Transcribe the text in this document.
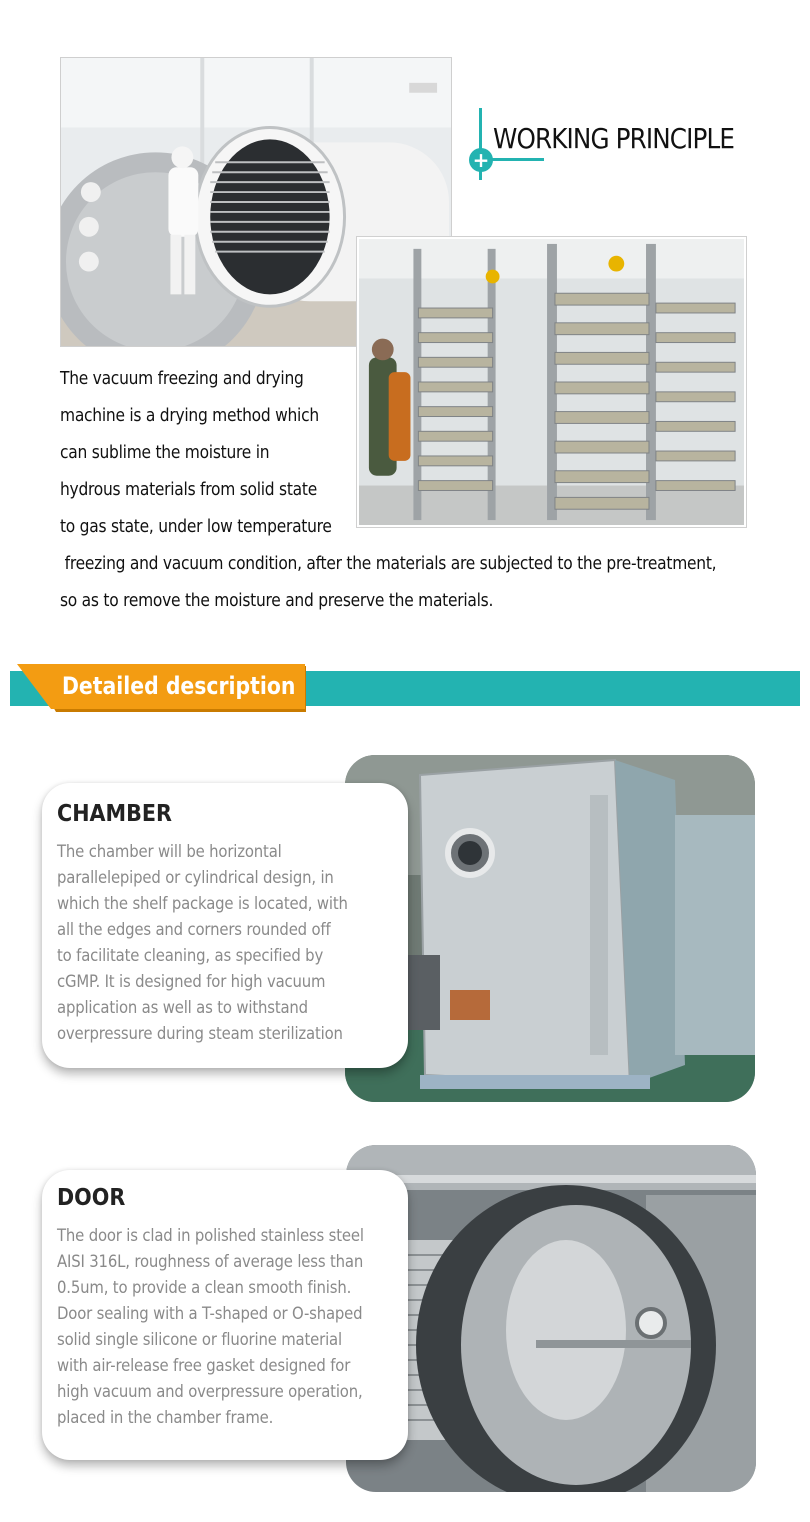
+
WORKING PRINCIPLE
The vacuum freezing and drying
machine is a drying method which
can sublime the moisture in
hydrous materials from solid state
to gas state, under low temperature
freezing and vacuum condition, after the materials are subjected to the pre-treatment,
so as to remove the moisture and preserve the materials.
Detailed description
CHAMBER
The chamber will be horizontal
parallelepiped or cylindrical design, in
which the shelf package is located, with
all the edges and corners rounded off
to facilitate cleaning, as specified by
cGMP. It is designed for high vacuum
application as well as to withstand
overpressure during steam sterilization
DOOR
The door is clad in polished stainless steel
AISI 316L, roughness of average less than
0.5um, to provide a clean smooth finish.
Door sealing with a T-shaped or O-shaped
solid single silicone or fluorine material
with air-release free gasket designed for
high vacuum and overpressure operation,
placed in the chamber frame.
